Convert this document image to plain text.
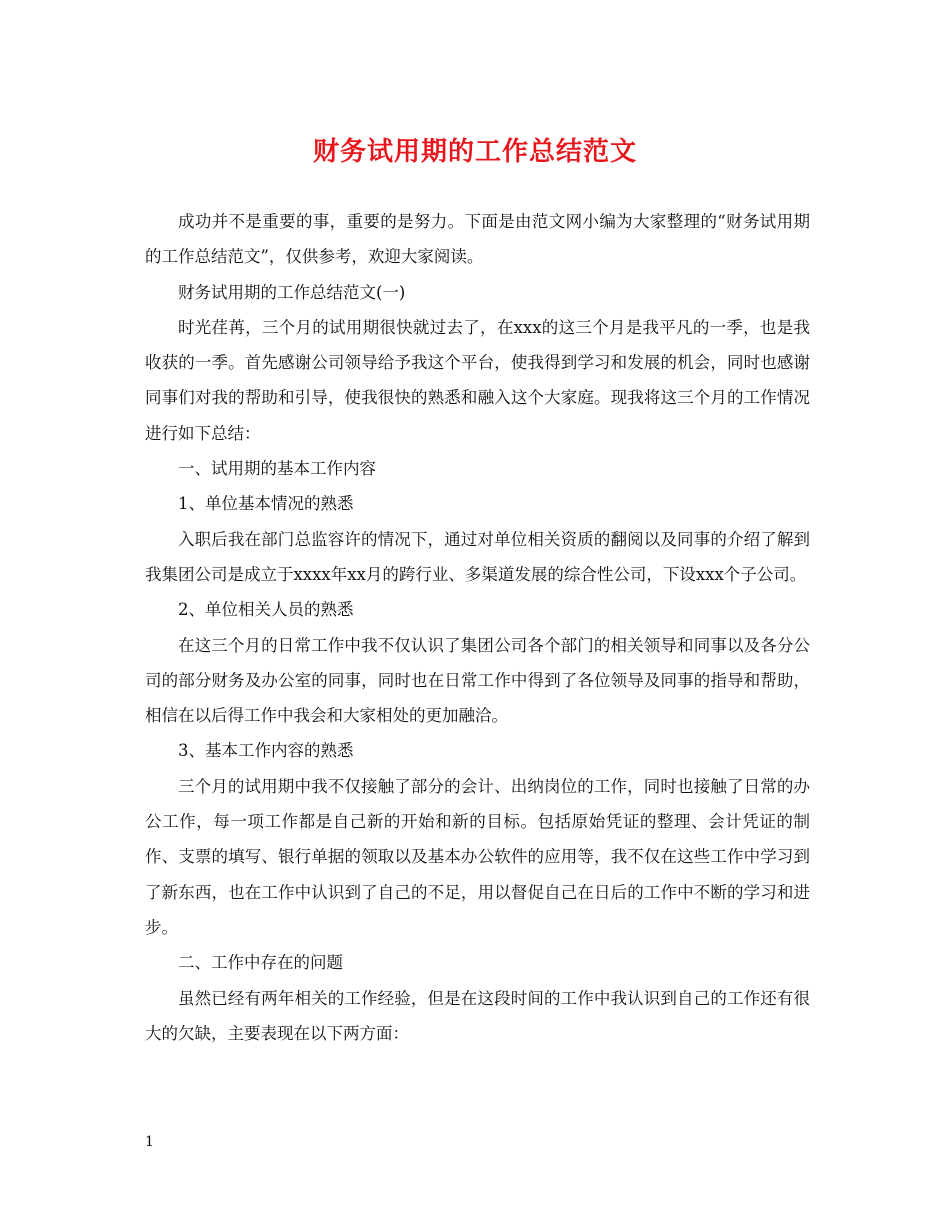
财务试用期的工作总结范文

成功并不是重要的事，重要的是努力。下面是由范文网小编为大家整理的“财务试用期的工作总结范文”，仅供参考，欢迎大家阅读。

财务试用期的工作总结范文(一)

时光荏苒，三个月的试用期很快就过去了，在xxx的这三个月是我平凡的一季，也是我收获的一季。首先感谢公司领导给予我这个平台，使我得到学习和发展的机会，同时也感谢同事们对我的帮助和引导，使我很快的熟悉和融入这个大家庭。现我将这三个月的工作情况进行如下总结：

一、试用期的基本工作内容

1、单位基本情况的熟悉

入职后我在部门总监容许的情况下，通过对单位相关资质的翻阅以及同事的介绍了解到我集团公司是成立于xxxx年xx月的跨行业、多渠道发展的综合性公司，下设xxx个子公司。

2、单位相关人员的熟悉

在这三个月的日常工作中我不仅认识了集团公司各个部门的相关领导和同事以及各分公司的部分财务及办公室的同事，同时也在日常工作中得到了各位领导及同事的指导和帮助，相信在以后得工作中我会和大家相处的更加融洽。

3、基本工作内容的熟悉

三个月的试用期中我不仅接触了部分的会计、出纳岗位的工作，同时也接触了日常的办公工作，每一项工作都是自己新的开始和新的目标。包括原始凭证的整理、会计凭证的制作、支票的填写、银行单据的领取以及基本办公软件的应用等，我不仅在这些工作中学习到了新东西，也在工作中认识到了自己的不足，用以督促自己在日后的工作中不断的学习和进步。

二、工作中存在的问题

虽然已经有两年相关的工作经验，但是在这段时间的工作中我认识到自己的工作还有很大的欠缺，主要表现在以下两方面：

1
